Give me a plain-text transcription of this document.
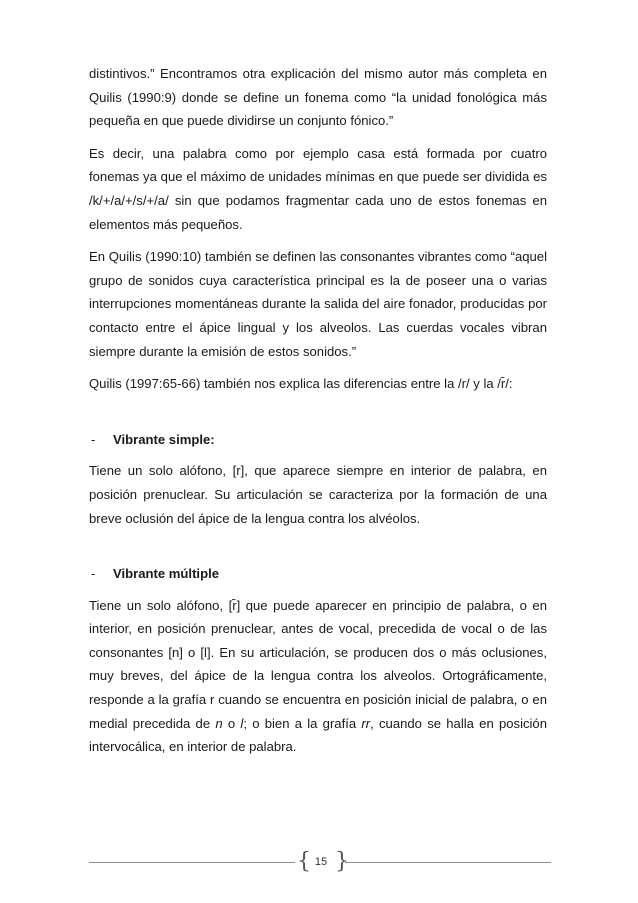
distintivos.” Encontramos otra explicación del mismo autor más completa en Quilis (1990:9) donde se define un fonema como “la unidad fonológica más pequeña en que puede dividirse un conjunto fónico.”

Es decir, una palabra como por ejemplo casa está formada por cuatro fonemas ya que el máximo de unidades mínimas en que puede ser dividida es /k/+/a/+/s/+/a/ sin que podamos fragmentar cada uno de estos fonemas en elementos más pequeños.

En Quilis (1990:10) también se definen las consonantes vibrantes como “aquel grupo de sonidos cuya característica principal es la de poseer una o varias interrupciones momentáneas durante la salida del aire fonador, producidas por contacto entre el ápice lingual y los alveolos. Las cuerdas vocales vibran siempre durante la emisión de estos sonidos.”

Quilis (1997:65-66) también nos explica las diferencias entre la /r/ y la /r̄/:

-	Vibrante simple:

Tiene un solo alófono, [r], que aparece siempre en interior de palabra, en posición prenuclear. Su articulación se caracteriza por la formación de una breve oclusión del ápice de la lengua contra los alvéolos.

-	Vibrante múltiple

Tiene un solo alófono, [r̄] que puede aparecer en principio de palabra, o en interior, en posición prenuclear, antes de vocal, precedida de vocal o de las consonantes [n] o [l]. En su articulación, se producen dos o más oclusiones, muy breves, del ápice de la lengua contra los alveolos. Ortográficamente, responde a la grafía r cuando se encuentra en posición inicial de palabra, o en medial precedida de n o l; o bien a la grafía rr, cuando se halla en posición intervocálica, en interior de palabra.

{ 15 }
